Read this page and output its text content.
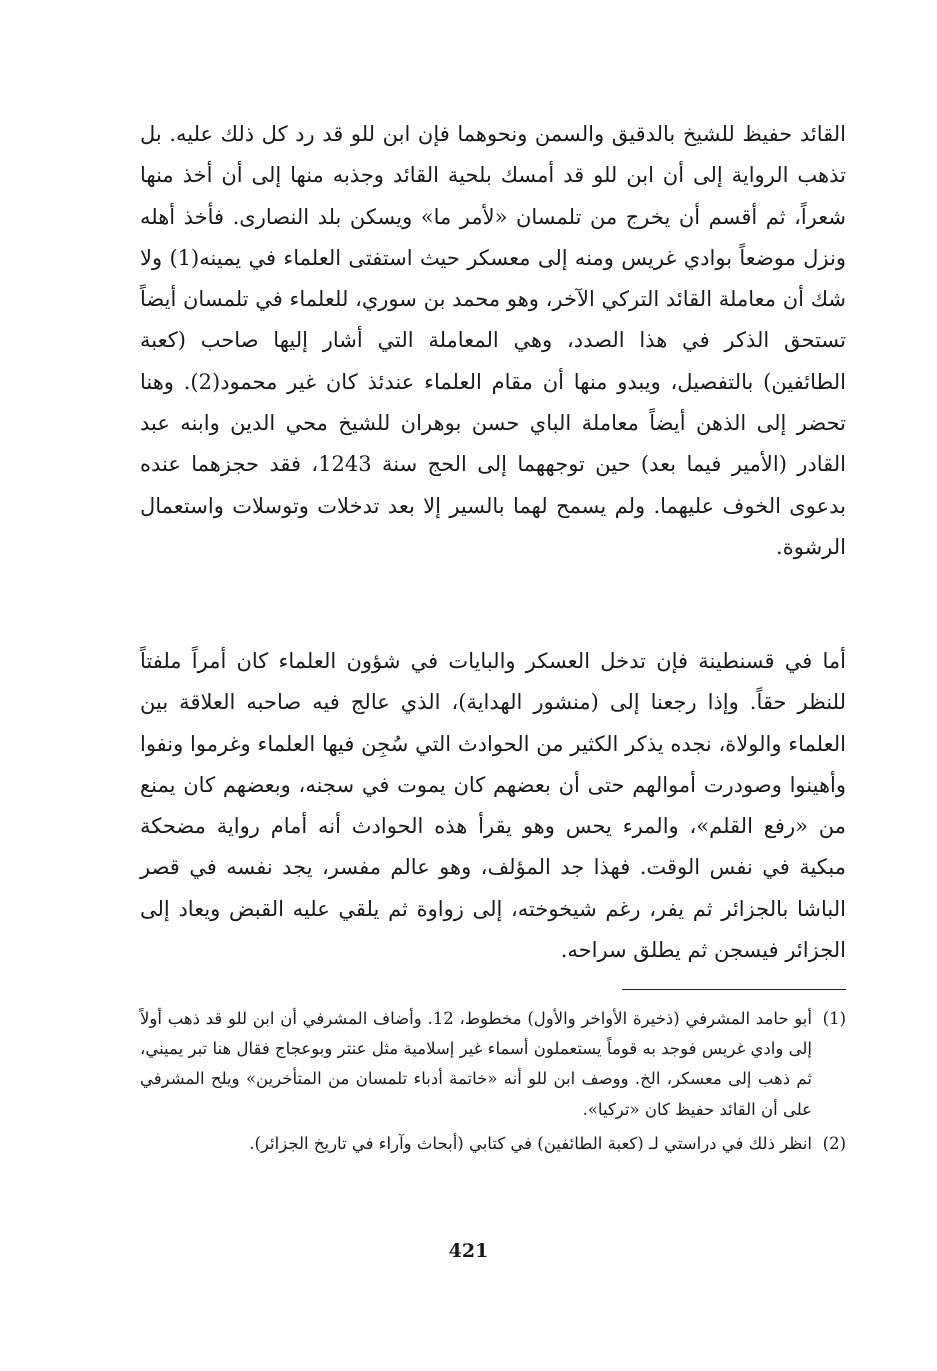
القائد حفيظ للشيخ بالدقيق والسمن ونحوهما فإن ابن للو قد رد كل ذلك عليه. بل تذهب الرواية إلى أن ابن للو قد أمسك بلحية القائد وجذبه منها إلى أن أخذ منها شعراً، ثم أقسم أن يخرج من تلمسان «لأمر ما» ويسكن بلد النصارى. فأخذ أهله ونزل موضعاً بوادي غريس ومنه إلى معسكر حيث استفتى العلماء في يمينه(1) ولا شك أن معاملة القائد التركي الآخر، وهو محمد بن سوري، للعلماء في تلمسان أيضاً تستحق الذكر في هذا الصدد، وهي المعاملة التي أشار إليها صاحب (كعبة الطائفين) بالتفصيل، ويبدو منها أن مقام العلماء عندئذ كان غير محمود(2). وهنا تحضر إلى الذهن أيضاً معاملة الباي حسن بوهران للشيخ محي الدين وابنه عبد القادر (الأمير فيما بعد) حين توجههما إلى الحج سنة 1243، فقد حجزهما عنده بدعوى الخوف عليهما. ولم يسمح لهما بالسير إلا بعد تدخلات وتوسلات واستعمال الرشوة.

أما في قسنطينة فإن تدخل العسكر والبايات في شؤون العلماء كان أمراً ملفتاً للنظر حقاً. وإذا رجعنا إلى (منشور الهداية)، الذي عالج فيه صاحبه العلاقة بين العلماء والولاة، نجده يذكر الكثير من الحوادث التي سُجِن فيها العلماء وغرموا ونفوا وأهينوا وصودرت أموالهم حتى أن بعضهم كان يموت في سجنه، وبعضهم كان يمنع من «رفع القلم»، والمرء يحس وهو يقرأ هذه الحوادث أنه أمام رواية مضحكة مبكية في نفس الوقت. فهذا جد المؤلف، وهو عالم مفسر، يجد نفسه في قصر الباشا بالجزائر ثم يفر، رغم شيخوخته، إلى زواوة ثم يلقي عليه القبض ويعاد إلى الجزائر فيسجن ثم يطلق سراحه.

(1)
أبو حامد المشرفي (ذخيرة الأواخر والأول) مخطوط، 12. وأضاف المشرفي أن ابن للو قد ذهب أولاً إلى وادي غريس فوجد به قوماً يستعملون أسماء غير إسلامية مثل عنتر وبوعجاج فقال هنا تبر يميني، ثم ذهب إلى معسكر، الخ. ووصف ابن للو أنه «خاتمة أدباء تلمسان من المتأخرين» ويلح المشرفي على أن القائد حفيظ كان «تركيا».
(2)
انظر ذلك في دراستي لـ (كعبة الطائفين) في كتابي (أبحاث وآراء في تاريخ الجزائر).
421
